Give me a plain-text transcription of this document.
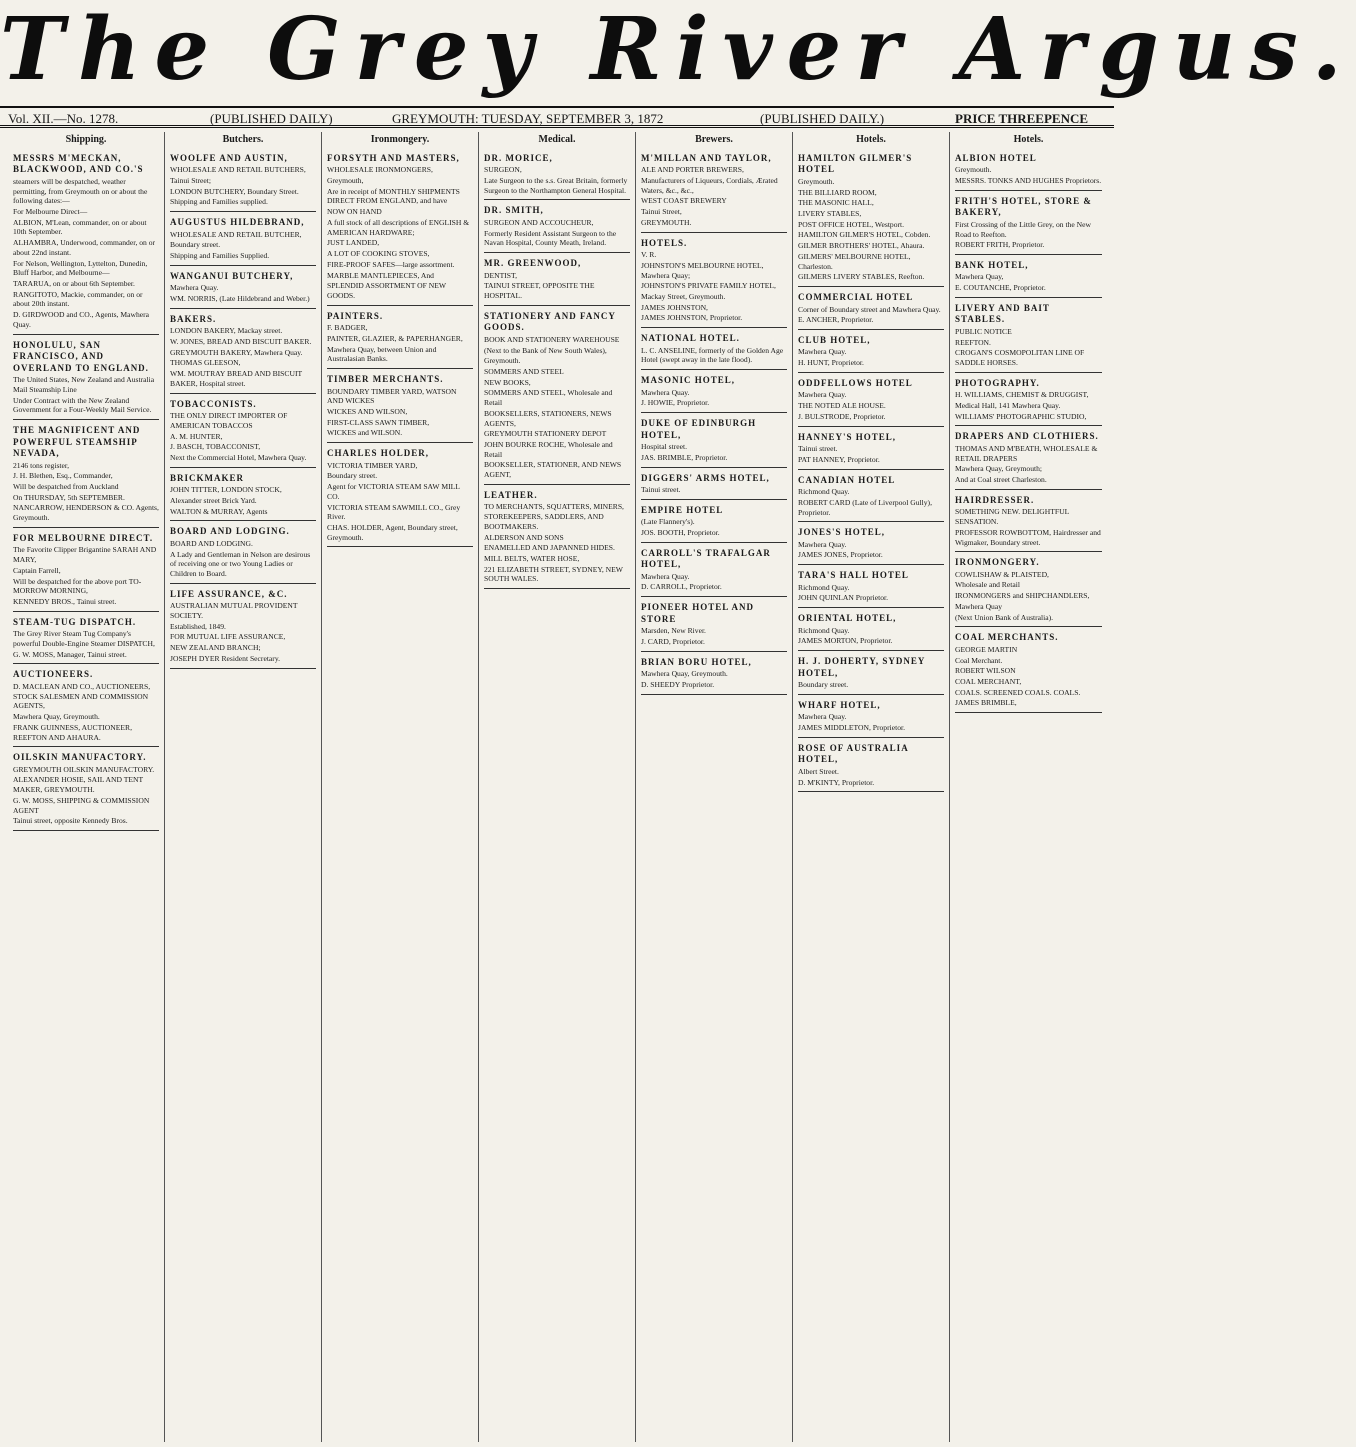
The Grey River Argus.
Vol. XII.—No. 1278.	(PUBLISHED DAILY)	GREYMOUTH: TUESDAY, SEPTEMBER 3, 1872	(PUBLISHED DAILY.)	PRICE THREEPENCE
Shipping.
MESSRS M'MECKAN, BLACKWOOD, AND CO.'S
steamers will be despatched, weather permitting, from Greymouth on or about the following dates:—
For Melbourne Direct—
ALBION, M'Lean, commander, on or about 10th September.
ALHAMBRA, Underwood, commander, on or about 22nd instant.
For Nelson, Wellington, Lyttelton, Dunedin, Bluff Harbor, and Melbourne—
TARARUA, on or about 6th September.
RANGITOTO, Mackie, commander, on or about 20th instant.
D. GIRDWOOD and CO., Agents, Mawhera Quay.
HONOLULU, SAN FRANCISCO, AND OVERLAND TO ENGLAND.
The United States, New Zealand and Australia Mail Steamship Line
Under Contract with the New Zealand Government for a Four-Weekly Mail Service.
THE MAGNIFICENT AND POWERFUL STEAMSHIP NEVADA,
2146 tons register,
J. H. Blethen, Esq., Commander,
Will be despatched from Auckland
On THURSDAY, 5th SEPTEMBER.
NANCARROW, HENDERSON & CO. Agents, Greymouth.
FOR MELBOURNE DIRECT.
The Favorite Clipper Brigantine SARAH AND MARY,
Captain Farrell,
Will be despatched for the above port TO-MORROW MORNING,
KENNEDY BROS., Tainui street.
STEAM-TUG DISPATCH.
The Grey River Steam Tug Company's powerful Double-Engine Steamer DISPATCH,
G. W. MOSS, Manager, Tainui street.
AUCTIONEERS.
D. MACLEAN AND CO., AUCTIONEERS, STOCK SALESMEN AND COMMISSION AGENTS,
Mawhera Quay, Greymouth.
FRANK GUINNESS, AUCTIONEER, REEFTON AND AHAURA.
OILSKIN MANUFACTORY.
GREYMOUTH OILSKIN MANUFACTORY.
ALEXANDER HOSIE, SAIL AND TENT MAKER, GREYMOUTH.
G. W. MOSS, SHIPPING & COMMISSION AGENT
Tainui street, opposite Kennedy Bros.
Butchers.
WOOLFE AND AUSTIN,
WHOLESALE AND RETAIL BUTCHERS,
Tainui Street;
LONDON BUTCHERY, Boundary Street.
Shipping and Families supplied.
AUGUSTUS HILDEBRAND,
WHOLESALE AND RETAIL BUTCHER,
Boundary street.
Shipping and Families Supplied.
WANGANUI BUTCHERY,
Mawhera Quay.
WM. NORRIS, (Late Hildebrand and Weber.)
BAKERS.
LONDON BAKERY, Mackay street.
W. JONES, BREAD AND BISCUIT BAKER.
GREYMOUTH BAKERY, Mawhera Quay.
THOMAS GLEESON,
WM. MOUTRAY BREAD AND BISCUIT BAKER, Hospital street.
TOBACCONISTS.
THE ONLY DIRECT IMPORTER OF AMERICAN TOBACCOS
A. M. HUNTER,
J. BASCH, TOBACCONIST,
Next the Commercial Hotel, Mawhera Quay.
BRICKMAKER
JOHN TITTER, LONDON STOCK,
Alexander street Brick Yard.
WALTON & MURRAY, Agents
BOARD AND LODGING.
BOARD AND LODGING.
A Lady and Gentleman in Nelson are desirous of receiving one or two Young Ladies or Children to Board.
LIFE ASSURANCE, &C.
AUSTRALIAN MUTUAL PROVIDENT SOCIETY.
Established, 1849.
FOR MUTUAL LIFE ASSURANCE,
NEW ZEALAND BRANCH;
JOSEPH DYER Resident Secretary.
Ironmongery.
FORSYTH AND MASTERS,
WHOLESALE IRONMONGERS,
Greymouth,
Are in receipt of MONTHLY SHIPMENTS DIRECT FROM ENGLAND, and have
NOW ON HAND
A full stock of all descriptions of ENGLISH & AMERICAN HARDWARE;
JUST LANDED,
A LOT OF COOKING STOVES,
FIRE-PROOF SAFES—large assortment.
MARBLE MANTLEPIECES, And
SPLENDID ASSORTMENT OF NEW GOODS.
PAINTERS.
F. BADGER,
PAINTER, GLAZIER, & PAPERHANGER,
Mawhera Quay, between Union and Australasian Banks.
TIMBER MERCHANTS.
BOUNDARY TIMBER YARD, WATSON AND WICKES
WICKES AND WILSON,
FIRST-CLASS SAWN TIMBER,
WICKES and WILSON.
CHARLES HOLDER,
VICTORIA TIMBER YARD,
Boundary street.
Agent for VICTORIA STEAM SAW MILL CO.
VICTORIA STEAM SAWMILL CO., Grey River.
CHAS. HOLDER, Agent, Boundary street, Greymouth.
Medical.
DR. MORICE,
SURGEON,
Late Surgeon to the s.s. Great Britain, formerly Surgeon to the Northampton General Hospital.
DR. SMITH,
SURGEON AND ACCOUCHEUR,
Formerly Resident Assistant Surgeon to the Navan Hospital, County Meath, Ireland.
MR. GREENWOOD,
DENTIST,
TAINUI STREET, OPPOSITE THE HOSPITAL.
STATIONERY AND FANCY GOODS.
BOOK AND STATIONERY WAREHOUSE
(Next to the Bank of New South Wales),
Greymouth.
SOMMERS AND STEEL
NEW BOOKS,
SOMMERS AND STEEL, Wholesale and Retail
BOOKSELLERS, STATIONERS, NEWS AGENTS,
GREYMOUTH STATIONERY DEPOT
JOHN BOURKE ROCHE, Wholesale and Retail
BOOKSELLER, STATIONER, AND NEWS AGENT,
LEATHER.
TO MERCHANTS, SQUATTERS, MINERS, STOREKEEPERS, SADDLERS, AND BOOTMAKERS.
ALDERSON AND SONS
ENAMELLED AND JAPANNED HIDES.
MILL BELTS, WATER HOSE,
221 ELIZABETH STREET, SYDNEY, NEW SOUTH WALES.
Brewers.
M'MILLAN AND TAYLOR,
ALE AND PORTER BREWERS,
Manufacturers of Liqueurs, Cordials, Ærated Waters, &c., &c.,
WEST COAST BREWERY
Tainui Street,
GREYMOUTH.
HOTELS.
V. R.
JOHNSTON'S MELBOURNE HOTEL, Mawhera Quay;
JOHNSTON'S PRIVATE FAMILY HOTEL,
Mackay Street, Greymouth.
JAMES JOHNSTON,
JAMES JOHNSTON, Proprietor.
NATIONAL HOTEL.
L. C. ANSELINE, formerly of the Golden Age Hotel (swept away in the late flood).
MASONIC HOTEL,
Mawhera Quay.
J. HOWIE, Proprietor.
DUKE OF EDINBURGH HOTEL,
Hospital street.
JAS. BRIMBLE, Proprietor.
DIGGERS' ARMS HOTEL,
Tainui street.
EMPIRE HOTEL
(Late Flannery's).
JOS. BOOTH, Proprietor.
CARROLL'S TRAFALGAR HOTEL,
Mawhera Quay.
D. CARROLL, Proprietor.
PIONEER HOTEL AND STORE
Marsden, New River.
J. CARD, Proprietor.
BRIAN BORU HOTEL,
Mawhera Quay, Greymouth.
D. SHEEDY Proprietor.
Hotels.
HAMILTON GILMER'S HOTEL
Greymouth.
THE BILLIARD ROOM,
THE MASONIC HALL,
LIVERY STABLES,
POST OFFICE HOTEL, Westport.
HAMILTON GILMER'S HOTEL, Cobden.
GILMER BROTHERS' HOTEL, Ahaura.
GILMERS' MELBOURNE HOTEL, Charleston.
GILMERS LIVERY STABLES, Reefton.
COMMERCIAL HOTEL
Corner of Boundary street and Mawhera Quay.
E. ANCHER, Proprietor.
CLUB HOTEL,
Mawhera Quay.
H. HUNT, Proprietor.
ODDFELLOWS HOTEL
Mawhera Quay.
THE NOTED ALE HOUSE.
J. BULSTRODE, Proprietor.
HANNEY'S HOTEL,
Tainui street.
PAT HANNEY, Proprietor.
CANADIAN HOTEL
Richmond Quay.
ROBERT CARD (Late of Liverpool Gully), Proprietor.
JONES'S HOTEL,
Mawhera Quay.
JAMES JONES, Proprietor.
TARA'S HALL HOTEL
Richmond Quay.
JOHN QUINLAN Proprietor.
ORIENTAL HOTEL,
Richmond Quay.
JAMES MORTON, Proprietor.
H. J. DOHERTY, SYDNEY HOTEL,
Boundary street.
WHARF HOTEL,
Mawhera Quay.
JAMES MIDDLETON, Proprietor.
ROSE OF AUSTRALIA HOTEL,
Albert Street.
D. M'KINTY, Proprietor.
Hotels.
ALBION HOTEL
Greymouth.
MESSRS. TONKS AND HUGHES Proprietors.
FRITH'S HOTEL, STORE & BAKERY,
First Crossing of the Little Grey, on the New Road to Reefton.
ROBERT FRITH, Proprietor.
BANK HOTEL,
Mawhera Quay,
E. COUTANCHE, Proprietor.
LIVERY AND BAIT STABLES.
PUBLIC NOTICE
REEFTON.
CROGAN'S COSMOPOLITAN LINE OF SADDLE HORSES.
PHOTOGRAPHY.
H. WILLIAMS, CHEMIST & DRUGGIST,
Medical Hall, 141 Mawhera Quay.
WILLIAMS' PHOTOGRAPHIC STUDIO,
DRAPERS AND CLOTHIERS.
THOMAS AND M'BEATH, WHOLESALE & RETAIL DRAPERS
Mawhera Quay, Greymouth;
And at Coal street Charleston.
HAIRDRESSER.
SOMETHING NEW. DELIGHTFUL SENSATION.
PROFESSOR ROWBOTTOM, Hairdresser and Wigmaker, Boundary street.
IRONMONGERY.
COWLISHAW & PLAISTED,
Wholesale and Retail
IRONMONGERS and SHIPCHANDLERS,
Mawhera Quay
(Next Union Bank of Australia).
COAL MERCHANTS.
GEORGE MARTIN
Coal Merchant.
ROBERT WILSON
COAL MERCHANT,
COALS. SCREENED COALS. COALS.
JAMES BRIMBLE,
